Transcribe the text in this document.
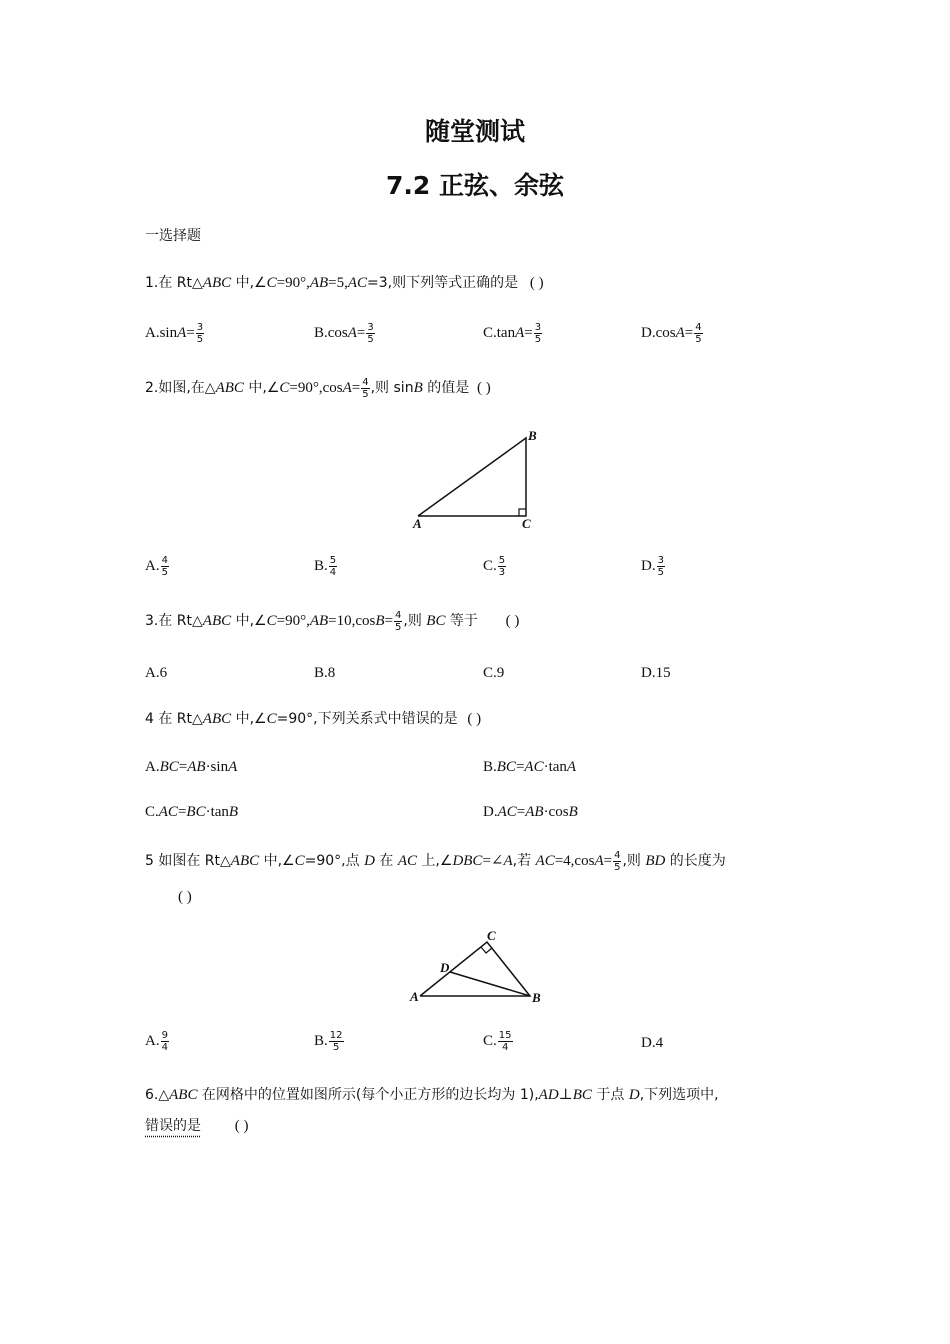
随堂测试
7.2 正弦、余弦
一选择题
1.在 Rt△ABC 中,∠C=90°,AB=5,AC=3,则下列等式正确的是 ( )
$A.\sin A= \frac{3}{5}$	$B.\cos A= \frac{3}{5}$	$C.\tan A= \frac{3}{5}$	$D.\cos A= \frac{4}{5}$
2.如图,在△ABC 中,∠C=90°,cosA= $\frac{4}{5}$ ,则 sinB 的值是 ( )
A	C
B
A. $\frac{4}{5}$	B. $\frac{5}{4}$	C. $\frac{5}{3}$	D. $\frac{3}{5}$
3.在 Rt△ABC 中,∠C=90°,AB=10,cosB= $\frac{4}{5}$ ,则 BC 等于 ( )
A.6	B.8	C.9	D.15
4 在 Rt△ABC 中,∠C=90°,下列关系式中错误的是 ( )
A.BC=AB·sinA	B.BC=AC·tanA
C.AC=BC·tanB	D.AC=AB·cosB
5 如图在 Rt△ABC 中,∠C=90°,点 D 在 AC 上,∠DBC=∠A,若 $AC=4,\cos A= \frac{4}{5}$ ,则 BD 的长度为
( )
A	B
C
D
A. $\frac{9}{4}$	B. $\frac{12}{5}$	C. $\frac{15}{4}$	D.4
6.△ABC 在网格中的位置如图所示(每个小正方形的边长均为 1),AD⊥BC 于点 D,下列选项中,
错误的是 ( )
